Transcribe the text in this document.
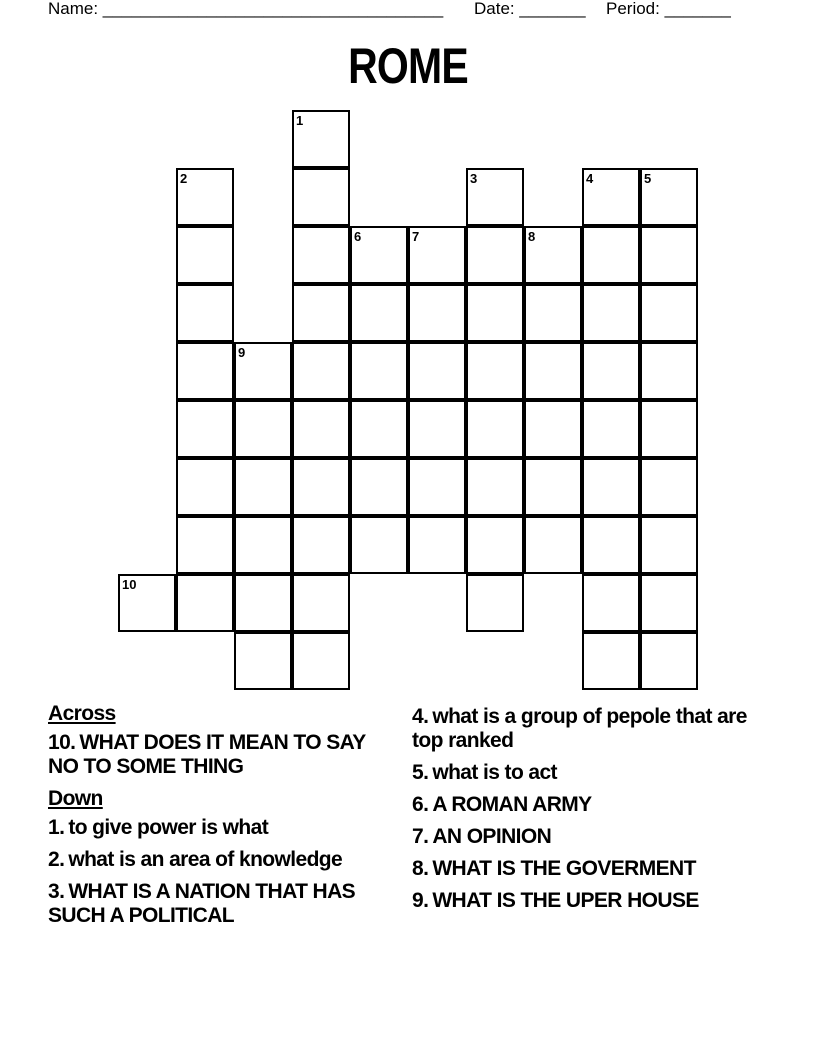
Name: ____________________________________ Date: _______ Period: _______
ROME
1
2	3	4	5
6	7	8
9
10
Across
10. WHAT DOES IT MEAN TO SAY NO TO SOME THING
Down
1. to give power is what
2. what is an area of knowledge
3. WHAT IS A NATION THAT HAS SUCH A POLITICAL
4. what is a group of pepole that are top ranked
5. what is to act
6. A ROMAN ARMY
7. AN OPINION
8. WHAT IS THE GOVERMENT
9. WHAT IS THE UPER HOUSE
